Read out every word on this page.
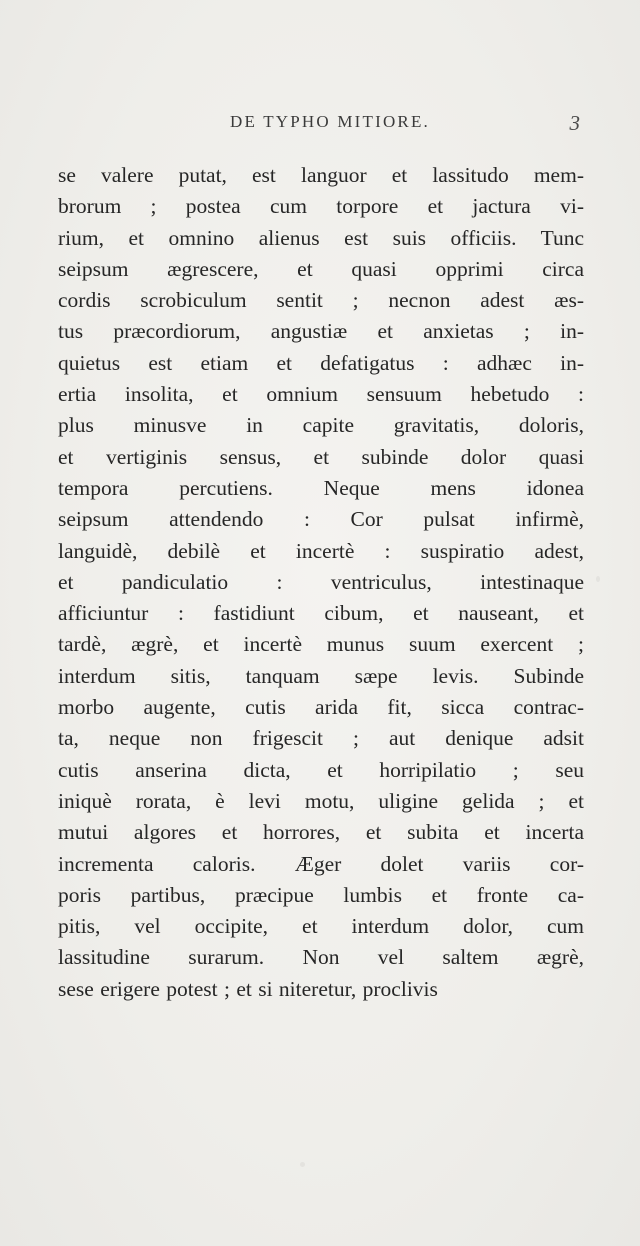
DE TYPHO MITIORE.	3
se valere putat, est languor et lassitudo mem-
brorum ; postea cum torpore et jactura vi-
rium, et omnino alienus est suis officiis. Tunc
seipsum ægrescere, et quasi opprimi circa
cordis scrobiculum sentit ; necnon adest æs-
tus præcordiorum, angustiæ et anxietas ; in-
quietus est etiam et defatigatus : adhæc in-
ertia insolita, et omnium sensuum hebetudo :
plus minusve in capite gravitatis, doloris,
et vertiginis sensus, et subinde dolor quasi
tempora percutiens. Neque mens idonea
seipsum attendendo : Cor pulsat infirmè,
languidè, debilè et incertè : suspiratio adest,
et pandiculatio : ventriculus, intestinaque
afficiuntur : fastidiunt cibum, et nauseant, et
tardè, ægrè, et incertè munus suum exercent ;
interdum sitis, tanquam sæpe levis. Subinde
morbo augente, cutis arida fit, sicca contrac-
ta, neque non frigescit ; aut denique adsit
cutis anserina dicta, et horripilatio ; seu
iniquè rorata, è levi motu, uligine gelida ; et
mutui algores et horrores, et subita et incerta
incrementa caloris. Æger dolet variis cor-
poris partibus, præcipue lumbis et fronte ca-
pitis, vel occipite, et interdum dolor, cum
lassitudine surarum. Non vel saltem ægrè,
sese erigere potest ; et si niteretur, proclivis
